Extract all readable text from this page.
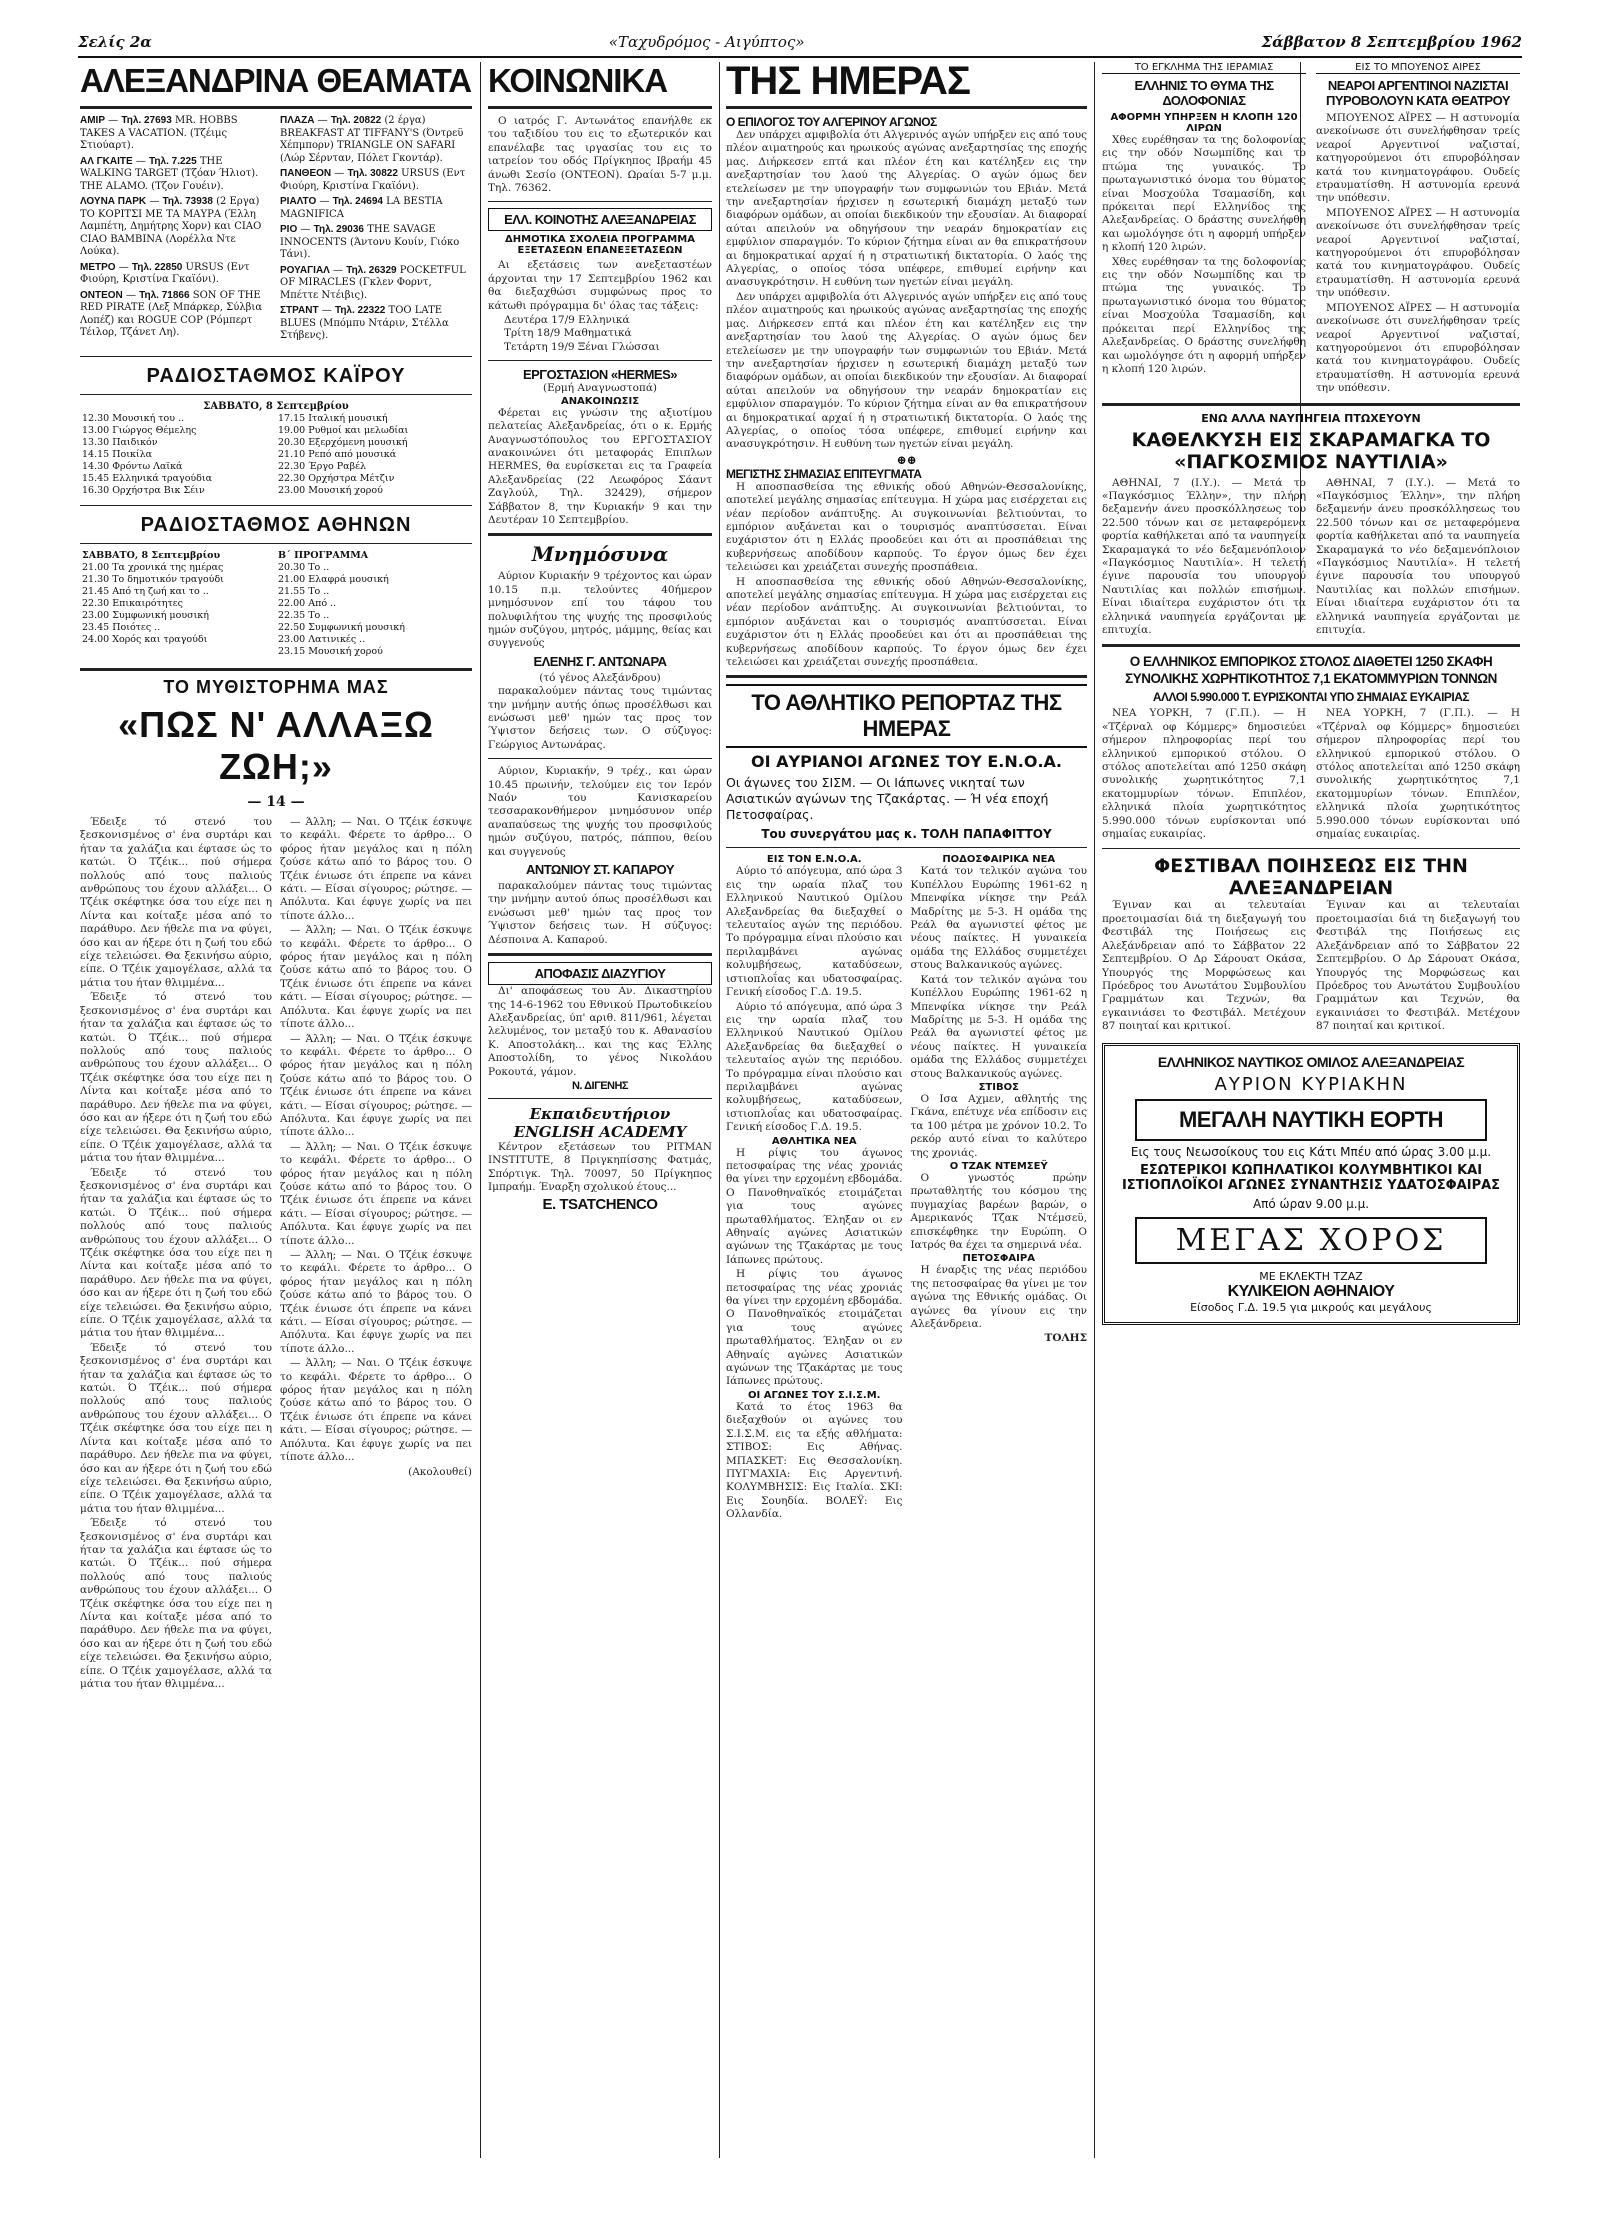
Σελίς 2α	«Ταχυδρόμος - Αιγύπτος»	Σάββατον 8 Σεπτεμβρίου 1962
ΑΛΕΞΑΝΔΡΙΝΑ ΘΕΑΜΑΤΑ
ΑΜΙΡ — Τηλ. 27693 MR. HOBBS TAKES A VACATION. (Τζέιμς Στιούαρτ).
ΑΛ ΓΚΑΙΤΕ — Τηλ. 7.225 THE WALKING TARGET (Τζόαν Ήλιοτ). THE ALAMO. (Τζον Γουέιν).
ΛΟΥΝΑ ΠΑΡΚ — Τηλ. 73938 (2 Εργα) ΤΟ ΚΟΡΙΤΣΙ ΜΕ ΤΑ ΜΑΥΡΑ (Έλλη Λαμπέτη, Δημήτρης Χορν) και CIAO CIAO BAMBINA (Λορέλλα Ντε Λούκα).
ΜΕΤΡΟ — Τηλ. 22850 URSUS (Εντ Φιούρη, Κριστίνα Γκαϊόνι).
ΟΝΤΕΟΝ — Τηλ. 71866 SON OF THE RED PIRATE (Λεξ Μπάρκερ, Σύλβια Λοπέζ) και ROGUE COP (Ρόμπερτ Τέιλορ, Τζάνετ Λη).
ΠΛΑΖΑ — Τηλ. 20822 (2 έργα) BREAKFAST AT TIFFANY'S (Όντρεϋ Χέπμπορν) TRIANGLE ON SAFARI (Λώρ Σέρνταν, Πόλετ Γκοντάρ).
ΠΑΝΘΕΟΝ — Τηλ. 30822 URSUS (Εντ Φιούρη, Κριστίνα Γκαϊόνι).
ΡΙΑΛΤΟ — Τηλ. 24694 LA BESTIA MAGNIFICA
ΡΙΟ — Τηλ. 29036 THE SAVAGE INNOCENTS (Άντονυ Κουίν, Γιόκο Τάνι).
ΡΟΥΑΓΙΑΛ — Τηλ. 26329 POCKETFUL OF MIRACLES (Γκλεν Φορντ, Μπέττε Ντέιβις).
ΣΤΡΑΝΤ — Τηλ. 22322 TOO LATE BLUES (Μπόμπυ Ντάριν, Στέλλα Στήβενς).
ΡΑΔΙΟΣΤΑΘΜΟΣ ΚΑΪΡΟΥ
ΣΑΒΒΑΤΟ, 8 Σεπτεμβρίου
12.30 Μουσική του ..
13.00 Γιώργος Θέμελης
13.30 Παιδικόν
14.15 Ποικίλα
14.30 Φρόντω Λαϊκά
15.45 Ελληνικά τραγούδια
16.30 Ορχήστρα Βικ Σέιν

17.15 Ιταλική μουσική
19.00 Ρυθμοί και μελωδίαι
20.30 Εξερχόμενη μουσική
21.10 Ρεπό από μουσικά
22.30 Έργο Ραβέλ
22.30 Ορχήστρα Μέτζιν
23.00 Μουσική χορού
ΡΑΔΙΟΣΤΑΘΜΟΣ ΑΘΗΝΩΝ
ΣΑΒΒΑΤΟ, 8 Σεπτεμβρίου
21.00 Τα χρονικά της ημέρας
21.30 Το δημοτικόν τραγούδι
21.45 Από τη ζωή και το ..
22.30 Επικαιρότητες
23.00 Συμφωνική μουσική
23.45 Ποιότες ..
24.00 Χορός και τραγούδι

Β΄ ΠΡΟΓΡΑΜΜΑ
20.30 Το ..
21.00 Ελαφρά μουσική
21.55 Το ..
22.00 Από ..
22.35 Το ..
22.50 Συμφωνική μουσική
23.00 Λατινικές ..
23.15 Μουσική χορού
ΤΟ ΜΥΘΙΣΤΟΡΗΜΑ ΜΑΣ
«ΠΩΣ Ν' ΑΛΛΑΞΩ ΖΩΗ;»
— 14 —

Έδειξε τό στενό του ξεσκονισμένος σ' ένα συρτάρι και ήταν τα χαλάζια και έφτασε ώς το κατώι. Ό Τζέικ... πού σήμερα πολλούς από τους παλιούς ανθρώπους του έχουν αλλάξει... Ο Τζέικ σκέφτηκε όσα του είχε πει η Λίντα και κοίταξε μέσα από το παράθυρο. Δεν ήθελε πια να φύγει, όσο και αν ήξερε ότι η ζωή του εδώ είχε τελειώσει. Θα ξεκινήσω αύριο, είπε. Ο Τζέικ χαμογέλασε, αλλά τα μάτια του ήταν θλιμμένα...

Έδειξε τό στενό του ξεσκονισμένος σ' ένα συρτάρι και ήταν τα χαλάζια και έφτασε ώς το κατώι. Ό Τζέικ... πού σήμερα πολλούς από τους παλιούς ανθρώπους του έχουν αλλάξει... Ο Τζέικ σκέφτηκε όσα του είχε πει η Λίντα και κοίταξε μέσα από το παράθυρο. Δεν ήθελε πια να φύγει, όσο και αν ήξερε ότι η ζωή του εδώ είχε τελειώσει. Θα ξεκινήσω αύριο, είπε. Ο Τζέικ χαμογέλασε, αλλά τα μάτια του ήταν θλιμμένα...

Έδειξε τό στενό του ξεσκονισμένος σ' ένα συρτάρι και ήταν τα χαλάζια και έφτασε ώς το κατώι. Ό Τζέικ... πού σήμερα πολλούς από τους παλιούς ανθρώπους του έχουν αλλάξει... Ο Τζέικ σκέφτηκε όσα του είχε πει η Λίντα και κοίταξε μέσα από το παράθυρο. Δεν ήθελε πια να φύγει, όσο και αν ήξερε ότι η ζωή του εδώ είχε τελειώσει. Θα ξεκινήσω αύριο, είπε. Ο Τζέικ χαμογέλασε, αλλά τα μάτια του ήταν θλιμμένα...

Έδειξε τό στενό του ξεσκονισμένος σ' ένα συρτάρι και ήταν τα χαλάζια και έφτασε ώς το κατώι. Ό Τζέικ... πού σήμερα πολλούς από τους παλιούς ανθρώπους του έχουν αλλάξει... Ο Τζέικ σκέφτηκε όσα του είχε πει η Λίντα και κοίταξε μέσα από το παράθυρο. Δεν ήθελε πια να φύγει, όσο και αν ήξερε ότι η ζωή του εδώ είχε τελειώσει. Θα ξεκινήσω αύριο, είπε. Ο Τζέικ χαμογέλασε, αλλά τα μάτια του ήταν θλιμμένα...

Έδειξε τό στενό του ξεσκονισμένος σ' ένα συρτάρι και ήταν τα χαλάζια και έφτασε ώς το κατώι. Ό Τζέικ... πού σήμερα πολλούς από τους παλιούς ανθρώπους του έχουν αλλάξει... Ο Τζέικ σκέφτηκε όσα του είχε πει η Λίντα και κοίταξε μέσα από το παράθυρο. Δεν ήθελε πια να φύγει, όσο και αν ήξερε ότι η ζωή του εδώ είχε τελειώσει. Θα ξεκινήσω αύριο, είπε. Ο Τζέικ χαμογέλασε, αλλά τα μάτια του ήταν θλιμμένα...

— Άλλη; — Ναι. Ο Τζέικ έσκυψε το κεφάλι. Φέρετε το άρθρο... Ο φόρος ήταν μεγάλος και η πόλη ζούσε κάτω από το βάρος του. Ο Τζέικ ένιωσε ότι έπρεπε να κάνει κάτι. — Είσαι σίγουρος; ρώτησε. — Απόλυτα. Και έφυγε χωρίς να πει τίποτε άλλο...

— Άλλη; — Ναι. Ο Τζέικ έσκυψε το κεφάλι. Φέρετε το άρθρο... Ο φόρος ήταν μεγάλος και η πόλη ζούσε κάτω από το βάρος του. Ο Τζέικ ένιωσε ότι έπρεπε να κάνει κάτι. — Είσαι σίγουρος; ρώτησε. — Απόλυτα. Και έφυγε χωρίς να πει τίποτε άλλο...

— Άλλη; — Ναι. Ο Τζέικ έσκυψε το κεφάλι. Φέρετε το άρθρο... Ο φόρος ήταν μεγάλος και η πόλη ζούσε κάτω από το βάρος του. Ο Τζέικ ένιωσε ότι έπρεπε να κάνει κάτι. — Είσαι σίγουρος; ρώτησε. — Απόλυτα. Και έφυγε χωρίς να πει τίποτε άλλο...

— Άλλη; — Ναι. Ο Τζέικ έσκυψε το κεφάλι. Φέρετε το άρθρο... Ο φόρος ήταν μεγάλος και η πόλη ζούσε κάτω από το βάρος του. Ο Τζέικ ένιωσε ότι έπρεπε να κάνει κάτι. — Είσαι σίγουρος; ρώτησε. — Απόλυτα. Και έφυγε χωρίς να πει τίποτε άλλο...

— Άλλη; — Ναι. Ο Τζέικ έσκυψε το κεφάλι. Φέρετε το άρθρο... Ο φόρος ήταν μεγάλος και η πόλη ζούσε κάτω από το βάρος του. Ο Τζέικ ένιωσε ότι έπρεπε να κάνει κάτι. — Είσαι σίγουρος; ρώτησε. — Απόλυτα. Και έφυγε χωρίς να πει τίποτε άλλο...

— Άλλη; — Ναι. Ο Τζέικ έσκυψε το κεφάλι. Φέρετε το άρθρο... Ο φόρος ήταν μεγάλος και η πόλη ζούσε κάτω από το βάρος του. Ο Τζέικ ένιωσε ότι έπρεπε να κάνει κάτι. — Είσαι σίγουρος; ρώτησε. — Απόλυτα. Και έφυγε χωρίς να πει τίποτε άλλο...

(Ακολουθεί)

ΚΟΙΝΩΝΙΚΑ

Ο ιατρός Γ. Αντωνάτος επανήλθε εκ του ταξιδίου του εις το εξωτερικόν και επανέλαβε τας ιργασίας του εις το ιατρείον του οδός Πρίγκηπος Ιβραήμ 45 άνωθι Σεσίο (ΟΝΤΕΟΝ). Ωραίαι 5-7 μ.μ. Τηλ. 76362.

ΕΛΛ. ΚΟΙΝΟΤΗΣ ΑΛΕΞΑΝΔΡΕΙΑΣ
ΔΗΜΟΤΙΚΑ ΣΧΟΛΕΙΑ ΠΡΟΓΡΑΜΜΑ ΕΞΕΤΑΣΕΩΝ ΕΠΑΝΕΞΕΤΑΣΕΩΝ

Αι εξετάσεις των ανεξεταστέων άρχονται την 17 Σεπτεμβρίου 1962 και θα διεξαχθώσι συμφώνως προς το κάτωθι πρόγραμμα δι' όλας τας τάξεις:

Δευτέρα 17/9 Ελληνικά
Τρίτη 18/9 Μαθηματικά
Τετάρτη 19/9 Ξέναι Γλώσσαι
ΕΡΓΟΣΤΑΣΙΟΝ «HERMES»
(Ερμή Αναγνωστοπά)
ΑΝΑΚΟΙΝΩΣΙΣ

Φέρεται εις γνώσιν της αξιοτίμου πελατείας Αλεξανδρείας, ότι ο κ. Ερμής Αναγνωστόπουλος του ΕΡΓΟΣΤΑΣΙΟΥ ανακοινώνει ότι μεταφοράς Επιπλων HERMES, θα ευρίσκεται εις τα Γραφεία Αλεξανδρείας (22 Λεωφόρος Σάαντ Ζαγλούλ, Τηλ. 32429), σήμερον Σάββατον 8, την Κυριακήν 9 και την Δευτέραν 10 Σεπτεμβρίου.

Μνημόσυνα

Αύριον Κυριακήν 9 τρέχοντος και ώραν 10.15 π.μ. τελούντες 40ήμερον μνημόσυνον επί του τάφου του πολυφιλήτου της ψυχής της προσφιλούς ημών συζύγου, μητρός, μάμμης, θείας και συγγενούς

ΕΛΕΝΗΣ Γ. ΑΝΤΩΝΑΡΑ
(τό γένος Αλεξάνδρου)

παρακαλούμεν πάντας τους τιμώντας την μνήμην αυτής όπως προσέλθωσι και ενώσωσι μεθ' ημών τας προς τον Ύψιστον δεήσεις των. Ο σύζυγος: Γεώργιος Αντωνάρας.

Αύριον, Κυριακήν, 9 τρέχ., και ώραν 10.45 πρωινήν, τελούμεν εις τον Ιερόν Ναόν του Κανισκαρείου τεσσαρακονθήμερον μνημόσυνον υπέρ αναπαύσεως της ψυχής του προσφιλούς ημών συζύγου, πατρός, πάππου, θείου και συγγενούς

ΑΝΤΩΝΙΟΥ ΣΤ. ΚΑΠΑΡΟΥ

παρακαλούμεν πάντας τους τιμώντας την μνήμην αυτού όπως προσέλθωσι και ενώσωσι μεθ' ημών τας προς τον Ύψιστον δεήσεις των. Η σύζυγος: Δέσποινα Α. Καπαρού.

ΑΠΟΦΑΣΙΣ ΔΙΑΖΥΓΙΟΥ

Δι' αποφάσεως του Αν. Δικαστηρίου της 14-6-1962 του Εθνικού Πρωτοδικείου Αλεξανδρείας, ύπ' αριθ. 811/961, λέγεται λελυμένος, τον μεταξύ του κ. Αθανασίου Κ. Αποστολάκη... και της κας Έλλης Αποστολίδη, το γένος Νικολάου Ροκουτά, γάμον.

Ν. ΔΙΓΕΝΗΣ
Εκπαιδευτήριον ENGLISH ACADEMY

Κέντρον εξετάσεων του PITMAN INSTITUTE, 8 Πριγκηπίσσης Φατμάς, Σπόρτιγκ. Τηλ. 70097, 50 Πρίγκηπος Ιμπραήμ. Έναρξη σχολικού έτους...

E. TSATCHENCO
ΤΗΣ ΗΜΕΡΑΣ
Ο ΕΠΙΛΟΓΟΣ ΤΟΥ ΑΛΓΕΡΙΝΟΥ ΑΓΩΝΟΣ

Δεν υπάρχει αμφιβολία ότι Αλγερινός αγών υπήρξεν εις από τους πλέον αιματηρούς και ηρωικούς αγώνας ανεξαρτησίας της εποχής μας. Διήρκεσεν επτά και πλέον έτη και κατέληξεν εις την ανεξαρτησίαν του λαού της Αλγερίας. Ο αγών όμως δεν ετελείωσεν με την υπογραφήν των συμφωνιών του Εβιάν. Μετά την ανεξαρτησίαν ήρχισεν η εσωτερική διαμάχη μεταξύ των διαφόρων ομάδων, αι οποίαι διεκδικούν την εξουσίαν. Αι διαφοραί αύται απειλούν να οδηγήσουν την νεαράν δημοκρατίαν εις εμφύλιον σπαραγμόν. Το κύριον ζήτημα είναι αν θα επικρατήσουν αι δημοκρατικαί αρχαί ή η στρατιωτική δικτατορία. Ο λαός της Αλγερίας, ο οποίος τόσα υπέφερε, επιθυμεί ειρήνην και ανασυγκρότησιν. Η ευθύνη των ηγετών είναι μεγάλη.

Δεν υπάρχει αμφιβολία ότι Αλγερινός αγών υπήρξεν εις από τους πλέον αιματηρούς και ηρωικούς αγώνας ανεξαρτησίας της εποχής μας. Διήρκεσεν επτά και πλέον έτη και κατέληξεν εις την ανεξαρτησίαν του λαού της Αλγερίας. Ο αγών όμως δεν ετελείωσεν με την υπογραφήν των συμφωνιών του Εβιάν. Μετά την ανεξαρτησίαν ήρχισεν η εσωτερική διαμάχη μεταξύ των διαφόρων ομάδων, αι οποίαι διεκδικούν την εξουσίαν. Αι διαφοραί αύται απειλούν να οδηγήσουν την νεαράν δημοκρατίαν εις εμφύλιον σπαραγμόν. Το κύριον ζήτημα είναι αν θα επικρατήσουν αι δημοκρατικαί αρχαί ή η στρατιωτική δικτατορία. Ο λαός της Αλγερίας, ο οποίος τόσα υπέφερε, επιθυμεί ειρήνην και ανασυγκρότησιν. Η ευθύνη των ηγετών είναι μεγάλη.

⊕⊕
ΜΕΓΙΣΤΗΣ ΣΗΜΑΣΙΑΣ ΕΠΙΤΕΥΓΜΑΤΑ

Η αποσπασθείσα της εθνικής οδού Αθηνών-Θεσσαλονίκης, αποτελεί μεγάλης σημασίας επίτευγμα. Η χώρα μας εισέρχεται εις νέαν περίοδον ανάπτυξης. Αι συγκοινωνίαι βελτιούνται, το εμπόριον αυξάνεται και ο τουρισμός αναπτύσσεται. Είναι ευχάριστον ότι η Ελλάς προοδεύει και ότι αι προσπάθειαι της κυβερνήσεως αποδίδουν καρπούς. Το έργον όμως δεν έχει τελειώσει και χρειάζεται συνεχής προσπάθεια.

Η αποσπασθείσα της εθνικής οδού Αθηνών-Θεσσαλονίκης, αποτελεί μεγάλης σημασίας επίτευγμα. Η χώρα μας εισέρχεται εις νέαν περίοδον ανάπτυξης. Αι συγκοινωνίαι βελτιούνται, το εμπόριον αυξάνεται και ο τουρισμός αναπτύσσεται. Είναι ευχάριστον ότι η Ελλάς προοδεύει και ότι αι προσπάθειαι της κυβερνήσεως αποδίδουν καρπούς. Το έργον όμως δεν έχει τελειώσει και χρειάζεται συνεχής προσπάθεια.

ΤΟ ΑΘΛΗΤΙΚΟ ΡΕΠΟΡΤΑΖ ΤΗΣ ΗΜΕΡΑΣ
ΟΙ ΑΥΡΙΑΝΟΙ ΑΓΩΝΕΣ ΤΟΥ Ε.Ν.Ο.Α.
Οι άγωνες του ΣΙΣΜ. — Οι Ιάπωνες νικηταί των Ασιατικών αγώνων της Τζακάρτας. — Ή νέα εποχή Πετοσφαίρας.
Του συνεργάτου μας κ. ΤΟΛΗ ΠΑΠΑΦΙΤΤΟΥ
ΕΙΣ ΤΟΝ Ε.Ν.Ο.Α.

Αύριο τό απόγευμα, από ώρα 3 εις την ωραία πλαζ του Ελληνικού Ναυτικού Ομίλου Αλεξανδρείας θα διεξαχθεί ο τελευταίος αγών της περιόδου. Το πρόγραμμα είναι πλούσιο και περιλαμβάνει αγώνας κολυμβήσεως, καταδύσεων, ιστιοπλοΐας και υδατοσφαίρας. Γενική είσοδος Γ.Δ. 19.5.

Αύριο τό απόγευμα, από ώρα 3 εις την ωραία πλαζ του Ελληνικού Ναυτικού Ομίλου Αλεξανδρείας θα διεξαχθεί ο τελευταίος αγών της περιόδου. Το πρόγραμμα είναι πλούσιο και περιλαμβάνει αγώνας κολυμβήσεως, καταδύσεων, ιστιοπλοΐας και υδατοσφαίρας. Γενική είσοδος Γ.Δ. 19.5.

ΑΘΛΗΤΙΚΑ ΝΕΑ

Η ρίψις του άγωνος πετοσφαίρας της νέας χρονιάς θα γίνει την ερχομένη εβδομάδα. Ο Πανοθηναϊκός ετοιμάζεται για τους αγώνες πρωταθλήματος. Έληξαν οι εν Αθηναίς αγώνες Ασιατικών αγώνων της Τζακάρτας με τους Ιάπωνες πρώτους.

Η ρίψις του άγωνος πετοσφαίρας της νέας χρονιάς θα γίνει την ερχομένη εβδομάδα. Ο Πανοθηναϊκός ετοιμάζεται για τους αγώνες πρωταθλήματος. Έληξαν οι εν Αθηναίς αγώνες Ασιατικών αγώνων της Τζακάρτας με τους Ιάπωνες πρώτους.

ΟΙ ΑΓΩΝΕΣ ΤΟΥ Σ.Ι.Σ.Μ.

Κατά το έτος 1963 θα διεξαχθούν οι αγώνες του Σ.Ι.Σ.Μ. εις τα εξής αθλήματα: ΣΤΙΒΟΣ: Εις Αθήνας. ΜΠΑΣΚΕΤ: Εις Θεσσαλονίκη. ΠΥΓΜΑΧΙΑ: Εις Αργεντινή. ΚΟΛΥΜΒΗΣΙΣ: Εις Ιταλία. ΣΚΙ: Εις Σουηδία. ΒΟΛΕΫ: Εις Ολλανδία.

ΠΟΔΟΣΦΑΙΡΙΚΑ ΝΕΑ

Κατά τον τελικόν αγώνα του Κυπέλλου Ευρώπης 1961-62 η Μπενφίκα νίκησε την Ρεάλ Μαδρίτης με 5-3. Η ομάδα της Ρεάλ θα αγωνιστεί φέτος με νέους παίκτες. Η γυναικεία ομάδα της Ελλάδος συμμετέχει στους Βαλκανικούς αγώνες.

Κατά τον τελικόν αγώνα του Κυπέλλου Ευρώπης 1961-62 η Μπενφίκα νίκησε την Ρεάλ Μαδρίτης με 5-3. Η ομάδα της Ρεάλ θα αγωνιστεί φέτος με νέους παίκτες. Η γυναικεία ομάδα της Ελλάδος συμμετέχει στους Βαλκανικούς αγώνες.

ΣΤΙΒΟΣ

Ο Ισα Αχμεν, αθλητής της Γκάνα, επέτυχε νέα επίδοσιν εις τα 100 μέτρα με χρόνον 10.2. Το ρεκόρ αυτό είναι το καλύτερο της χρονιάς.

Ο ΤΖΑΚ ΝΤΕΜΣΕΫ

Ο γνωστός πρώην πρωταθλητής του κόσμου της πυγμαχίας βαρέων βαρών, ο Αμερικανός Τζακ Ντέμσεϋ, επισκέφθηκε την Ευρώπη. Ο Ιατρός θα έχει τα σημερινά νέα.

ΠΕΤΟΣΦΑΙΡΑ

Η έναρξις της νέας περιόδου της πετοσφαίρας θα γίνει με τον αγώνα της Εθνικής ομάδας. Οι αγώνες θα γίνουν εις την Αλεξάνδρεια.

ΤΟΛΗΣ
ΤΟ ΕΓΚΛΗΜΑ ΤΗΣ ΙΕΡΑΜΙΑΣ
ΕΛΛΗΝΙΣ ΤΟ ΘΥΜΑ ΤΗΣ ΔΟΛΟΦΟΝΙΑΣ
ΑΦΟΡΜΗ ΥΠΗΡΞΕΝ Η ΚΛΟΠΗ 120 ΛΙΡΩΝ

Χθες ευρέθησαν τα της δολοφονίας εις την οδόν Νσωμπίδης και το πτώμα της γυναικός. Το πρωταγωνιστικό όνομα του θύματος είναι Μοσχούλα Τσαμασίδη, και πρόκειται περί Ελληνίδος της Αλεξανδρείας. Ο δράστης συνελήφθη και ωμολόγησε ότι η αφορμή υπήρξεν η κλοπή 120 λιρών.

Χθες ευρέθησαν τα της δολοφονίας εις την οδόν Νσωμπίδης και το πτώμα της γυναικός. Το πρωταγωνιστικό όνομα του θύματος είναι Μοσχούλα Τσαμασίδη, και πρόκειται περί Ελληνίδος της Αλεξανδρείας. Ο δράστης συνελήφθη και ωμολόγησε ότι η αφορμή υπήρξεν η κλοπή 120 λιρών.

ΕΙΣ ΤΟ ΜΠΟΥΕΝΟΣ ΑΪΡΕΣ
ΝΕΑΡΟΙ ΑΡΓΕΝΤΙΝΟΙ ΝΑΖΙΣΤΑΙ ΠΥΡΟΒΟΛΟΥΝ ΚΑΤΑ ΘΕΑΤΡΟΥ

ΜΠΟΥΕΝΟΣ ΑΪΡΕΣ — Η αστυνομία ανεκοίνωσε ότι συνελήφθησαν τρείς νεαροί Αργεντινοί ναζισταί, κατηγορούμενοι ότι επυροβόλησαν κατά του κινηματογράφου. Ουδείς ετραυματίσθη. Η αστυνομία ερευνά την υπόθεσιν.

ΜΠΟΥΕΝΟΣ ΑΪΡΕΣ — Η αστυνομία ανεκοίνωσε ότι συνελήφθησαν τρείς νεαροί Αργεντινοί ναζισταί, κατηγορούμενοι ότι επυροβόλησαν κατά του κινηματογράφου. Ουδείς ετραυματίσθη. Η αστυνομία ερευνά την υπόθεσιν.

ΜΠΟΥΕΝΟΣ ΑΪΡΕΣ — Η αστυνομία ανεκοίνωσε ότι συνελήφθησαν τρείς νεαροί Αργεντινοί ναζισταί, κατηγορούμενοι ότι επυροβόλησαν κατά του κινηματογράφου. Ουδείς ετραυματίσθη. Η αστυνομία ερευνά την υπόθεσιν.

ΕΝΩ ΑΛΛΑ ΝΑΥΠΗΓΕΙΑ ΠΤΩΧΕΥΟΥΝ
ΚΑΘΕΛΚΥΣΗ ΕΙΣ ΣΚΑΡΑΜΑΓΚΑ ΤΟ «ΠΑΓΚΟΣΜΙΟΣ ΝΑΥΤΙΛΙΑ»

ΑΘΗΝΑΙ, 7 (Ι.Υ.). — Μετά το «Παγκόσμιος Έλλην», την πλήρη δεξαμενήν άνευ προσκόλλησεως του 22.500 τόνων και σε μεταφερόμενα φορτία καθήλκεται από τα ναυπηγεία Σκαραμαγκά το νέο δεξαμενόπλοιον «Παγκόσμιος Ναυτιλία». Η τελετή έγινε παρουσία του υπουργού Ναυτιλίας και πολλών επισήμων. Είναι ιδιαίτερα ευχάριστον ότι τα ελληνικά ναυπηγεία εργάζονται με επιτυχία.

ΑΘΗΝΑΙ, 7 (Ι.Υ.). — Μετά το «Παγκόσμιος Έλλην», την πλήρη δεξαμενήν άνευ προσκόλλησεως του 22.500 τόνων και σε μεταφερόμενα φορτία καθήλκεται από τα ναυπηγεία Σκαραμαγκά το νέο δεξαμενόπλοιον «Παγκόσμιος Ναυτιλία». Η τελετή έγινε παρουσία του υπουργού Ναυτιλίας και πολλών επισήμων. Είναι ιδιαίτερα ευχάριστον ότι τα ελληνικά ναυπηγεία εργάζονται με επιτυχία.

Ο ΕΛΛΗΝΙΚΟΣ ΕΜΠΟΡΙΚΟΣ ΣΤΟΛΟΣ ΔΙΑΘΕΤΕΙ 1250 ΣΚΑΦΗ ΣΥΝΟΛΙΚΗΣ ΧΩΡΗΤΙΚΟΤΗΤΟΣ 7,1 ΕΚΑΤΟΜΜΥΡΙΩΝ ΤΟΝΝΩΝ
ΑΛΛΟΙ 5.990.000 Τ. ΕΥΡΙΣΚΟΝΤΑΙ ΥΠΟ ΣΗΜΑΙΑΣ ΕΥΚΑΙΡΙΑΣ

ΝΕΑ ΥΟΡΚΗ, 7 (Γ.Π.). — Η «Τζέρναλ οφ Κόμμερς» δημοσιεύει σήμερον πληροφορίας περί του ελληνικού εμπορικού στόλου. Ο στόλος αποτελείται από 1250 σκάφη συνολικής χωρητικότητος 7,1 εκατομμυρίων τόνων. Επιπλέον, ελληνικά πλοία χωρητικότητος 5.990.000 τόνων ευρίσκονται υπό σημαίας ευκαιρίας.

ΝΕΑ ΥΟΡΚΗ, 7 (Γ.Π.). — Η «Τζέρναλ οφ Κόμμερς» δημοσιεύει σήμερον πληροφορίας περί του ελληνικού εμπορικού στόλου. Ο στόλος αποτελείται από 1250 σκάφη συνολικής χωρητικότητος 7,1 εκατομμυρίων τόνων. Επιπλέον, ελληνικά πλοία χωρητικότητος 5.990.000 τόνων ευρίσκονται υπό σημαίας ευκαιρίας.

ΦΕΣΤΙΒΑΛ ΠΟΙΗΣΕΩΣ ΕΙΣ ΤΗΝ ΑΛΕΞΑΝΔΡΕΙΑΝ

Έγιναν και αι τελευταίαι προετοιμασίαι διά τη διεξαγωγή του Φεστιβάλ της Ποιήσεως εις Αλεξάνδρειαν από το Σάββατον 22 Σεπτεμβρίου. Ο Δρ Σάρουατ Οκάσα, Υπουργός της Μορφώσεως και Πρόεδρος του Ανωτάτου Συμβουλίου Γραμμάτων και Τεχνών, θα εγκαινιάσει το Φεστιβάλ. Μετέχουν 87 ποιηταί και κριτικοί.

Έγιναν και αι τελευταίαι προετοιμασίαι διά τη διεξαγωγή του Φεστιβάλ της Ποιήσεως εις Αλεξάνδρειαν από το Σάββατον 22 Σεπτεμβρίου. Ο Δρ Σάρουατ Οκάσα, Υπουργός της Μορφώσεως και Πρόεδρος του Ανωτάτου Συμβουλίου Γραμμάτων και Τεχνών, θα εγκαινιάσει το Φεστιβάλ. Μετέχουν 87 ποιηταί και κριτικοί.

ΕΛΛΗΝΙΚΟΣ ΝΑΥΤΙΚΟΣ ΟΜΙΛΟΣ ΑΛΕΞΑΝΔΡΕΙΑΣ
ΑΥΡΙΟΝ ΚΥΡΙΑΚΗΝ
ΜΕΓΑΛΗ ΝΑΥΤΙΚΗ ΕΟΡΤΗ
Εις τους Νεωσοίκους του εις Κάτι Μπέυ από ώρας 3.00 μ.μ.
ΕΣΩΤΕΡΙΚΟΙ ΚΩΠΗΛΑΤΙΚΟΙ ΚΟΛΥΜΒΗΤΙΚΟΙ ΚΑΙ ΙΣΤΙΟΠΛΟΪΚΟΙ ΑΓΩΝΕΣ ΣΥΝΑΝΤΗΣΙΣ ΥΔΑΤΟΣΦΑΙΡΑΣ
Από ώραν 9.00 μ.μ.
ΜΕΓΑΣ ΧΟΡΟΣ
ΜΕ ΕΚΛΕΚΤΗ ΤΖΑΖ
ΚΥΛΙΚΕΙΟΝ ΑΘΗΝΑΙΟΥ
Είσοδος Γ.Δ. 19.5 για μικρούς και μεγάλους
